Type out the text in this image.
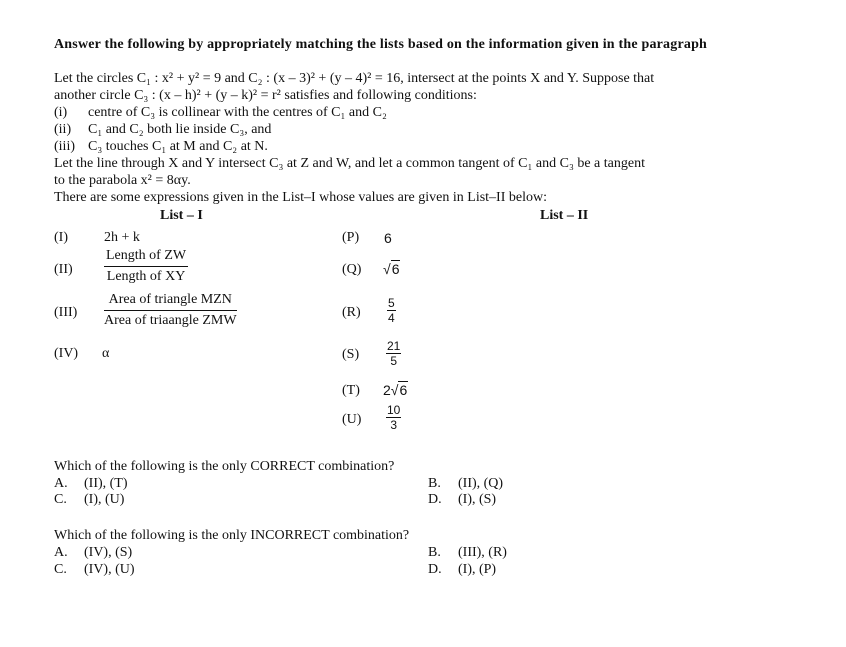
Answer the following by appropriately matching the lists based on the information given in the paragraph
Let the circles C₁ : x² + y² = 9 and C₂ : (x – 3)² + (y – 4)² = 16, intersect at the points X and Y. Suppose that
another circle C₃ : (x – h)² + (y – k)² = r² satisfies and following conditions:
(i) centre of C₃ is collinear with the centres of C₁ and C₂
(ii) C₁ and C₂ both lie inside C₃, and
(iii) C₃ touches C₁ at M and C₂ at N.
Let the line through X and Y intersect C₃ at Z and W, and let a common tangent of C₁ and C₃ be a tangent
to the parabola x² = 8αy.
There are some expressions given in the List–I whose values are given in List–II below:
List – I	List – II
(I)	2h + k
(II)
Length of ZW
Length of XY
(III)
Area of triangle MZN
Area of triaangle ZMW
(IV) α
(P) 6
(Q) √6
$(R) \frac{5}{4}$
$(S) \frac{21}{5}$
(T) 2√6
$(U) \frac{10}{3}$
Which of the following is the only CORRECT combination?
A. (II), (T)	B. (II), (Q)
C. (I), (U)	D. (I), (S)
Which of the following is the only INCORRECT combination?
A. (IV), (S)	B. (III), (R)
C. (IV), (U)	D. (I), (P)
